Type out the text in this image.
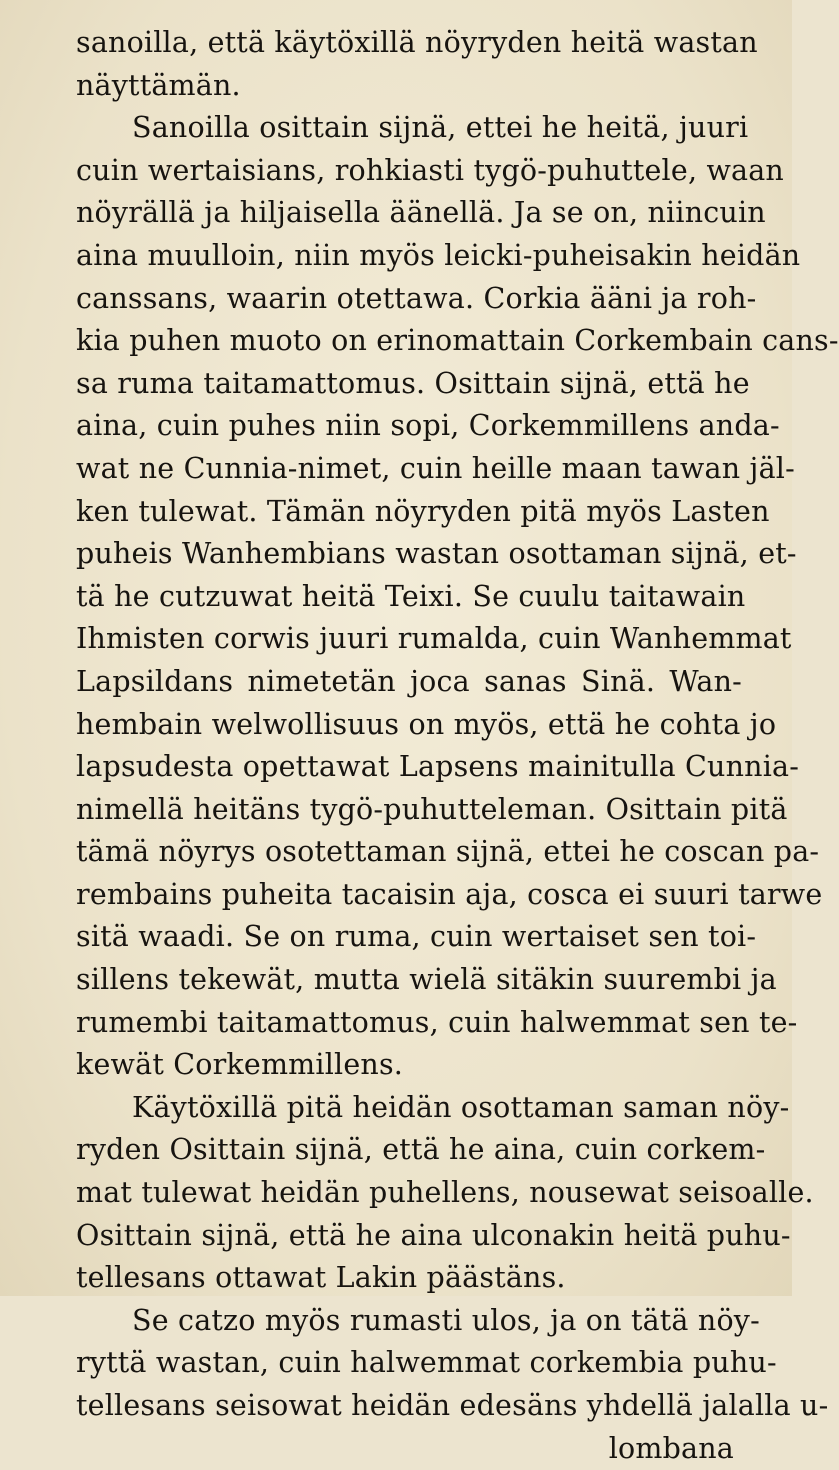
sanoilla, että käytöxillä nöyryden heitä wastan
näyttämän.
Sanoilla osittain sijnä, ettei he heitä, juuri
cuin wertaisians, rohkiasti tygö-puhuttele, waan
nöyrällä ja hiljaisella äänellä. Ja se on, niincuin
aina muulloin, niin myös leicki-puheisakin heidän
canssans, waarin otettawa. Corkia ääni ja roh-
kia puhen muoto on erinomattain Corkembain cans-
sa ruma taitamattomus. Osittain sijnä, että he
aina, cuin puhes niin sopi, Corkemmillens anda-
wat ne Cunnia-nimet, cuin heille maan tawan jäl-
ken tulewat. Tämän nöyryden pitä myös Lasten
puheis Wanhembians wastan osottaman sijnä, et-
tä he cutzuwat heitä Teixi. Se cuulu taitawain
Ihmisten corwis juuri rumalda, cuin Wanhemmat
Lapsildans nimetetän joca sanas Sinä. Wan-
hembain welwollisuus on myös, että he cohta jo
lapsudesta opettawat Lapsens mainitulla Cunnia-
nimellä heitäns tygö-puhutteleman. Osittain pitä
tämä nöyrys osotettaman sijnä, ettei he coscan pa-
rembains puheita tacaisin aja, cosca ei suuri tarwe
sitä waadi. Se on ruma, cuin wertaiset sen toi-
sillens tekewät, mutta wielä sitäkin suurembi ja
rumembi taitamattomus, cuin halwemmat sen te-
kewät Corkemmillens.
Käytöxillä pitä heidän osottaman saman nöy-
ryden Osittain sijnä, että he aina, cuin corkem-
mat tulewat heidän puhellens, nousewat seisoalle.
Osittain sijnä, että he aina ulconakin heitä puhu-
tellesans ottawat Lakin päästäns.
Se catzo myös rumasti ulos, ja on tätä nöy-
ryttä wastan, cuin halwemmat corkembia puhu-
tellesans seisowat heidän edesäns yhdellä jalalla u-
lombana
